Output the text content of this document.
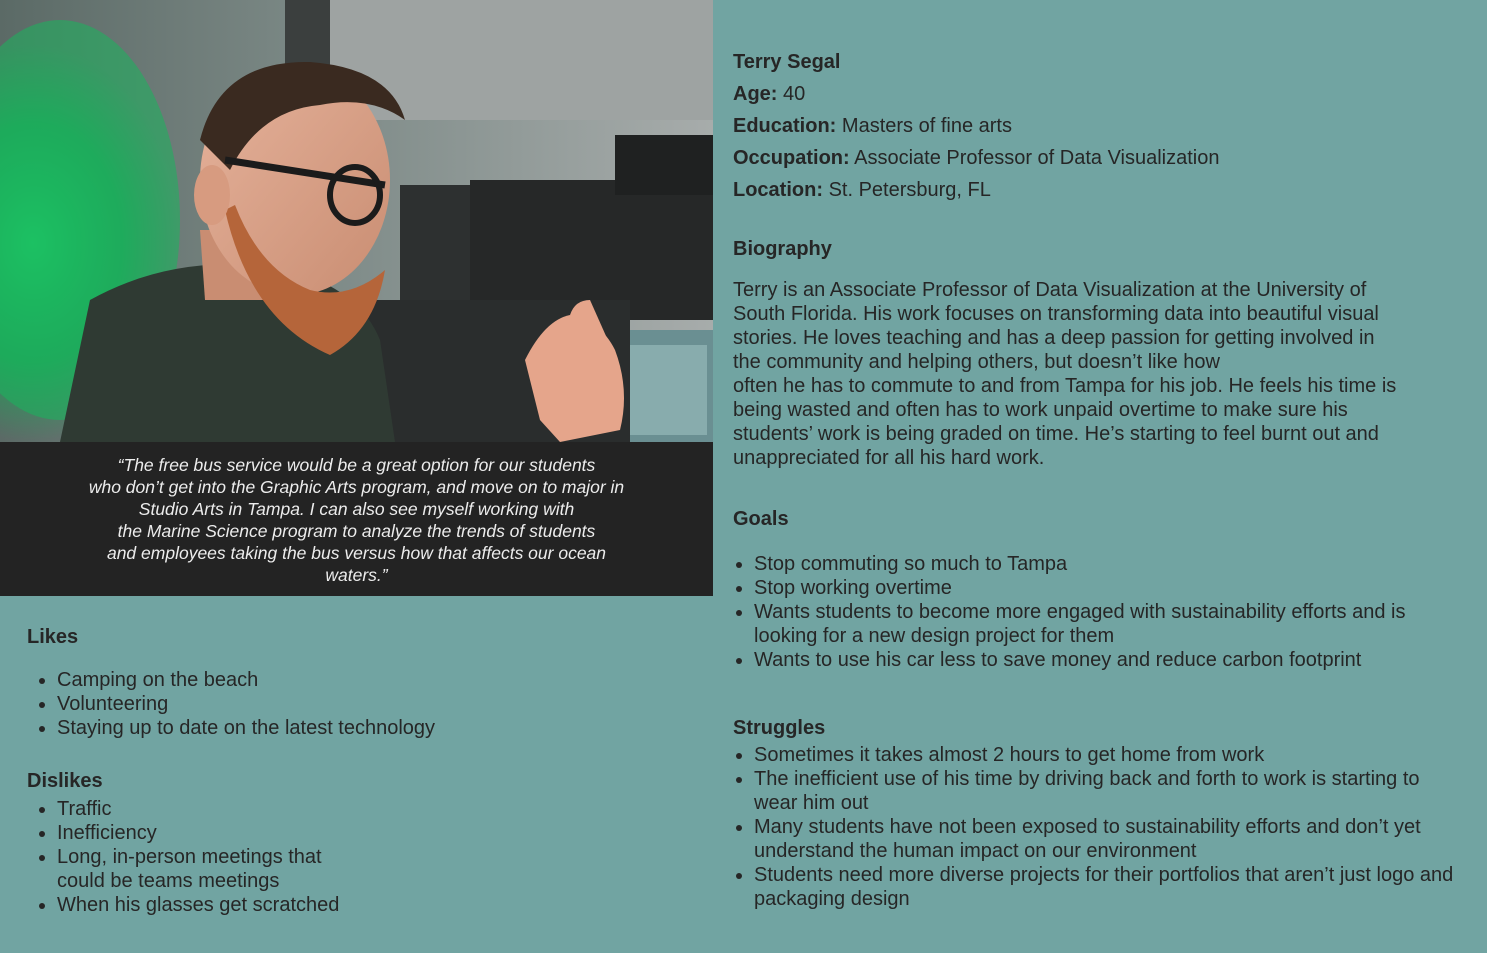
“The free bus service would be a great option for our students

who don’t get into the Graphic Arts program, and move on to major in

Studio Arts in Tampa. I can also see myself working with

the Marine Science program to analyze the trends of students

and employees taking the bus versus how that affects our ocean

waters.”

Likes
• Camping on the beach
• Volunteering
• Staying up to date on the latest technology
Dislikes
• Traffic
• Inefficiency
• Long, in-person meetings that could be teams meetings
• When his glasses get scratched
Terry Segal
Age: 40
Education: Masters of fine arts
Occupation: Associate Professor of Data Visualization
Location: St. Petersburg, FL
Biography
Terry is an Associate Professor of Data Visualization at the University of
South Florida. His work focuses on transforming data into beautiful visual
stories. He loves teaching and has a deep passion for getting involved in
the community and helping others, but doesn’t like how
often he has to commute to and from Tampa for his job. He feels his time is
being wasted and often has to work unpaid overtime to make sure his
students’ work is being graded on time. He’s starting to feel burnt out and
unappreciated for all his hard work.
Goals
• Stop commuting so much to Tampa
• Stop working overtime
• Wants students to become more engaged with sustainability efforts and is looking for a new design project for them
• Wants to use his car less to save money and reduce carbon footprint
Struggles
• Sometimes it takes almost 2 hours to get home from work
• The inefficient use of his time by driving back and forth to work is starting to wear him out
• Many students have not been exposed to sustainability efforts and don’t yet understand the human impact on our environment
• Students need more diverse projects for their portfolios that aren’t just logo and packaging design
